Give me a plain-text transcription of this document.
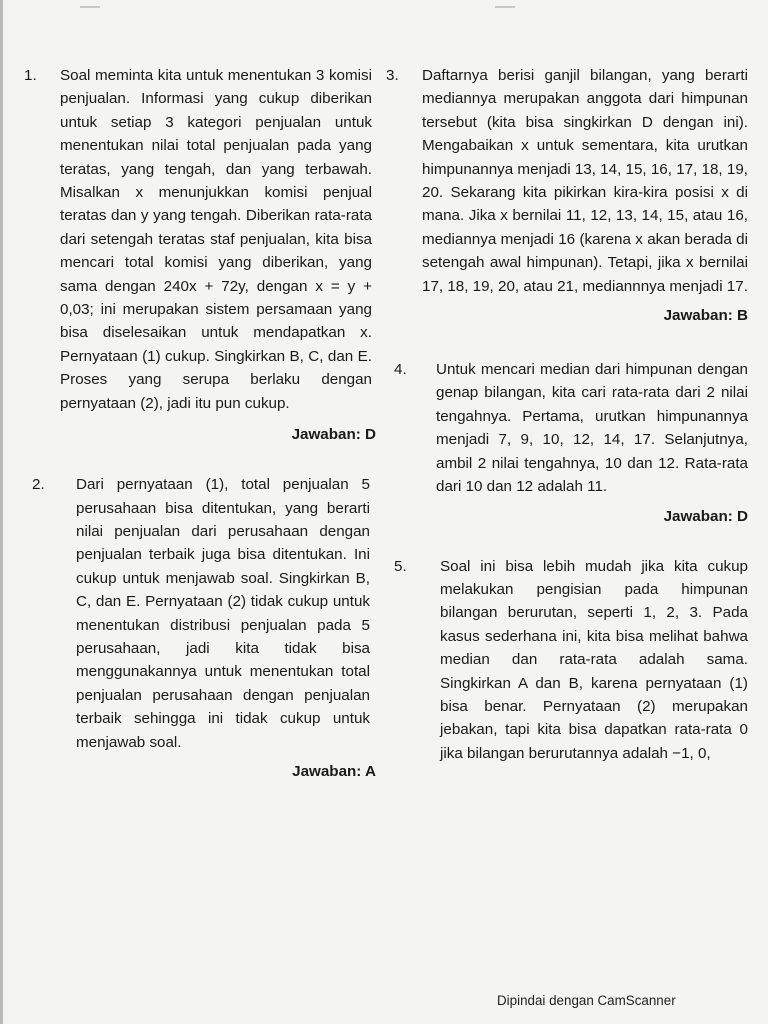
1.	Soal meminta kita untuk menentukan 3 komisi penjualan. Informasi yang cukup diberikan untuk setiap 3 kategori penjualan untuk menentukan nilai total penjualan pada yang teratas, yang tengah, dan yang terbawah. Misalkan x menunjukkan komisi penjual teratas dan y yang tengah. Diberikan rata-rata dari setengah teratas staf penjualan, kita bisa mencari total komisi yang diberikan, yang sama dengan 240x + 72y, dengan x = y + 0,03; ini merupakan sistem persamaan yang bisa diselesaikan untuk mendapatkan x. Pernyataan (1) cukup. Singkirkan B, C, dan E. Proses yang serupa berlaku dengan pernyataan (2), jadi itu pun cukup.
Jawaban: D
2.	Dari pernyataan (1), total penjualan 5 perusahaan bisa ditentukan, yang berarti nilai penjualan dari perusahaan dengan penjualan terbaik juga bisa ditentukan. Ini cukup untuk menjawab soal. Singkirkan B, C, dan E. Pernyataan (2) tidak cukup untuk menentukan distribusi penjualan pada 5 perusahaan, jadi kita tidak bisa menggunakannya untuk menentukan total penjualan perusahaan dengan penjualan terbaik sehingga ini tidak cukup untuk menjawab soal.
Jawaban: A
3.	Daftarnya berisi ganjil bilangan, yang berarti mediannya merupakan anggota dari himpunan tersebut (kita bisa singkirkan D dengan ini). Mengabaikan x untuk sementara, kita urutkan himpunannya menjadi 13, 14, 15, 16, 17, 18, 19, 20. Sekarang kita pikirkan kira-kira posisi x di mana. Jika x bernilai 11, 12, 13, 14, 15, atau 16, mediannya menjadi 16 (karena x akan berada di setengah awal himpunan). Tetapi, jika x bernilai 17, 18, 19, 20, atau 21, mediannnya menjadi 17.
Jawaban: B
4.	Untuk mencari median dari himpunan dengan genap bilangan, kita cari rata-rata dari 2 nilai tengahnya. Pertama, urutkan himpunannya menjadi 7, 9, 10, 12, 14, 17. Selanjutnya, ambil 2 nilai tengahnya, 10 dan 12. Rata-rata dari 10 dan 12 adalah 11.
Jawaban: D
5.	Soal ini bisa lebih mudah jika kita cukup melakukan pengisian pada himpunan bilangan berurutan, seperti 1, 2, 3. Pada kasus sederhana ini, kita bisa melihat bahwa median dan rata-rata adalah sama. Singkirkan A dan B, karena pernyataan (1) bisa benar. Pernyataan (2) merupakan jebakan, tapi kita bisa dapatkan rata-rata 0 jika bilangan berurutannya adalah −1, 0,
Dipindai dengan CamScanner
